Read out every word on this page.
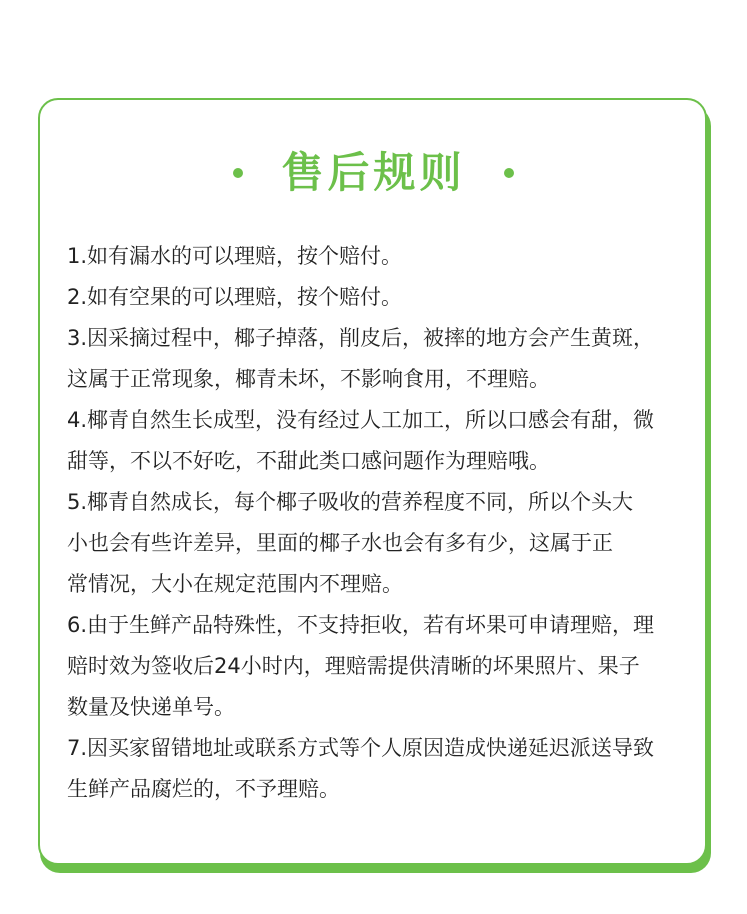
售后规则
1.如有漏水的可以理赔，按个赔付。
2.如有空果的可以理赔，按个赔付。
3.因采摘过程中，椰子掉落，削皮后，被摔的地方会产生黄斑，
这属于正常现象，椰青未坏，不影响食用，不理赔。
4.椰青自然生长成型，没有经过人工加工，所以口感会有甜，微
甜等，不以不好吃，不甜此类口感问题作为理赔哦。
5.椰青自然成长，每个椰子吸收的营养程度不同，所以个头大
小也会有些许差异，里面的椰子水也会有多有少，这属于正
常情况，大小在规定范围内不理赔。
6.由于生鲜产品特殊性，不支持拒收，若有坏果可申请理赔，理
赔时效为签收后24小时内，理赔需提供清晰的坏果照片、果子
数量及快递单号。
7.因买家留错地址或联系方式等个人原因造成快递延迟派送导致
生鲜产品腐烂的，不予理赔。
